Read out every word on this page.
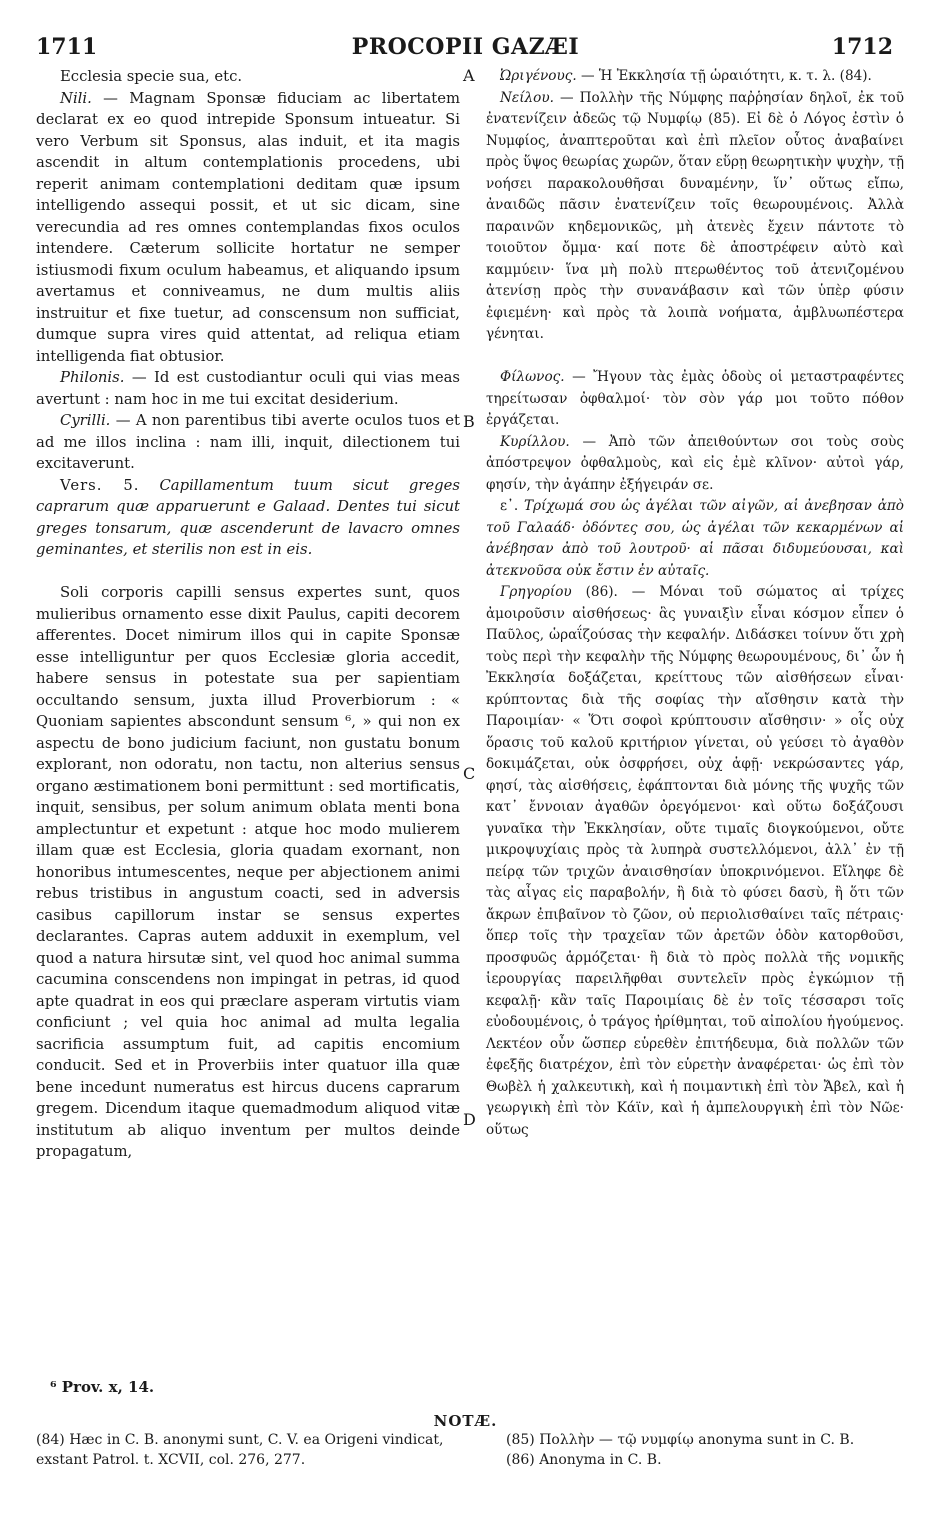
1711	PROCOPII GAZÆI	1712
A
B
C
D
Ecclesia specie sua, etc.
Nili. — Magnam Sponsæ fiduciam ac libertatem declarat ex eo quod intrepide Sponsum intueatur. Si vero Verbum sit Sponsus, alas induit, et ita magis ascendit in altum contemplationis procedens, ubi reperit animam contemplationi deditam quæ ipsum intelligendo assequi possit, et ut sic dicam, sine verecundia ad res omnes contemplandas fixos oculos intendere. Cæterum sollicite hortatur ne semper istiusmodi fixum oculum habeamus, et aliquando ipsum avertamus et conniveamus, ne dum multis aliis instruitur et fixe tuetur, ad conscensum non sufficiat, dumque supra vires quid attentat, ad reliqua etiam intelligenda fiat obtusior.
Philonis. — Id est custodiantur oculi qui vias meas avertunt : nam hoc in me tui excitat desiderium.
Cyrilli. — A non parentibus tibi averte oculos tuos et ad me illos inclina : nam illi, inquit, dilectionem tui excitaverunt.
Vers. 5. Capillamentum tuum sicut greges caprarum quæ apparuerunt e Galaad. Dentes tui sicut greges tonsarum, quæ ascenderunt de lavacro omnes geminantes, et sterilis non est in eis.
Soli corporis capilli sensus expertes sunt, quos mulieribus ornamento esse dixit Paulus, capiti decorem afferentes. Docet nimirum illos qui in capite Sponsæ esse intelliguntur per quos Ecclesiæ gloria accedit, habere sensus in potestate sua per sapientiam occultando sensum, juxta illud Proverbiorum : « Quoniam sapientes abscondunt sensum ⁶, » qui non ex aspectu de bono judicium faciunt, non gustatu bonum explorant, non odoratu, non tactu, non alterius sensus organo æstimationem boni permittunt : sed mortificatis, inquit, sensibus, per solum animum oblata menti bona amplectuntur et expetunt : atque hoc modo mulierem illam quæ est Ecclesia, gloria quadam exornant, non honoribus intumescentes, neque per abjectionem animi rebus tristibus in angustum coacti, sed in adversis casibus capillorum instar se sensus expertes declarantes. Capras autem adduxit in exemplum, vel quod a natura hirsutæ sint, vel quod hoc animal summa cacumina conscendens non impingat in petras, id quod apte quadrat in eos qui præclare asperam virtutis viam conficiunt ; vel quia hoc animal ad multa legalia sacrificia assumptum fuit, ad capitis encomium conducit. Sed et in Proverbiis inter quatuor illa quæ bene incedunt numeratus est hircus ducens caprarum gregem. Dicendum itaque quemadmodum aliquod vitæ institutum ab aliquo inventum per multos deinde propagatum,
Ὠριγένους. — Ἡ Ἐκκλησία τῇ ὡραιότητι, κ. τ. λ. (84).
Νείλου. — Πολλὴν τῆς Νύμφης παῤῥησίαν δηλοῖ, ἐκ τοῦ ἐνατενίζειν ἀδεῶς τῷ Νυμφίῳ (85). Εἰ δὲ ὁ Λόγος ἐστὶν ὁ Νυμφίος, ἀναπτεροῦται καὶ ἐπὶ πλεῖον οὗτος ἀναβαίνει πρὸς ὕψος θεωρίας χωρῶν, ὅταν εὕρῃ θεωρητικὴν ψυχὴν, τῇ νοήσει παρακολουθῆσαι δυναμένην, ἵν᾽ οὕτως εἴπω, ἀναιδῶς πᾶσιν ἐνατενίζειν τοῖς θεωρουμένοις. Ἀλλὰ παραινῶν κηδεμονικῶς, μὴ ἀτενὲς ἔχειν πάντοτε τὸ τοιοῦτον ὄμμα· καί ποτε δὲ ἀποστρέφειν αὐτὸ καὶ καμμύειν· ἵνα μὴ πολὺ πτερωθέντος τοῦ ἀτενιζομένου ἀτενίσῃ πρὸς τὴν συνανάβασιν καὶ τῶν ὑπὲρ φύσιν ἐφιεμένη· καὶ πρὸς τὰ λοιπὰ νοήματα, ἀμβλυωπέστερα γένηται.
Φίλωνος. — Ἤγουν τὰς ἐμὰς ὁδοὺς οἱ μεταστραφέντες τηρείτωσαν ὀφθαλμοί· τὸν σὸν γάρ μοι τοῦτο πόθον ἐργάζεται.
Κυρίλλου. — Ἀπὸ τῶν ἀπειθούντων σοι τοὺς σοὺς ἀπόστρεψον ὀφθαλμοὺς, καὶ εἰς ἐμὲ κλῖνον· αὐτοὶ γάρ, φησίν, τὴν ἀγάπην ἐξήγειράν σε.
ε᾽. Τρίχωμά σου ὡς ἀγέλαι τῶν αἰγῶν, αἱ ἀνεβησαν ἀπὸ τοῦ Γαλαάδ· ὀδόντες σου, ὡς ἀγέλαι τῶν κεκαρμένων αἱ ἀνέβησαν ἀπὸ τοῦ λουτροῦ· αἱ πᾶσαι διδυμεύουσαι, καὶ ἀτεκνοῦσα οὐκ ἔστιν ἐν αὐταῖς.
Γρηγορίου (86). — Μόναι τοῦ σώματος αἱ τρίχες ἀμοιροῦσιν αἰσθήσεως· ἃς γυναιξὶν εἶναι κόσμον εἶπεν ὁ Παῦλος, ὡραΐζούσας τὴν κεφαλήν. Διδάσκει τοίνυν ὅτι χρὴ τοὺς περὶ τὴν κεφαλὴν τῆς Νύμφης θεωρουμένους, δι᾽ ὧν ἡ Ἐκκλησία δοξάζεται, κρείττους τῶν αἰσθήσεων εἶναι· κρύπτοντας διὰ τῆς σοφίας τὴν αἴσθησιν κατὰ τὴν Παροιμίαν· « Ὅτι σοφοὶ κρύπτουσιν αἴσθησιν· » οἷς οὐχ ὅρασις τοῦ καλοῦ κριτήριον γίνεται, οὐ γεύσει τὸ ἀγαθὸν δοκιμάζεται, οὐκ ὀσφρήσει, οὐχ ἁφῇ· νεκρώσαντες γάρ, φησί, τὰς αἰσθήσεις, ἐφάπτονται διὰ μόνης τῆς ψυχῆς τῶν κατ᾽ ἔννοιαν ἀγαθῶν ὀρεγόμενοι· καὶ οὕτω δοξάζουσι γυναῖκα τὴν Ἐκκλησίαν, οὔτε τιμαῖς διογκούμενοι, οὔτε μικροψυχίαις πρὸς τὰ λυπηρὰ συστελλόμενοι, ἀλλ᾽ ἐν τῇ πείρᾳ τῶν τριχῶν ἀναισθησίαν ὑποκρινόμενοι. Εἴληφε δὲ τὰς αἶγας εἰς παραβολήν, ἢ διὰ τὸ φύσει δασὺ, ἢ ὅτι τῶν ἄκρων ἐπιβαῖνον τὸ ζῶον, οὐ περιολισθαίνει ταῖς πέτραις· ὅπερ τοῖς τὴν τραχεῖαν τῶν ἀρετῶν ὁδὸν κατορθοῦσι, προσφυῶς ἁρμόζεται· ἢ διὰ τὸ πρὸς πολλὰ τῆς νομικῆς ἱερουργίας παρειλῆφθαι συντελεῖν πρὸς ἐγκώμιον τῇ κεφαλῇ· κἂν ταῖς Παροιμίαις δὲ ἐν τοῖς τέσσαρσι τοῖς εὐοδουμένοις, ὁ τράγος ἠρίθμηται, τοῦ αἰπολίου ἡγούμενος. Λεκτέον οὖν ὥσπερ εὑρεθὲν ἐπιτήδευμα, διὰ πολλῶν τῶν ἐφεξῆς διατρέχον, ἐπὶ τὸν εὑρετὴν ἀναφέρεται· ὡς ἐπὶ τὸν Θωβὲλ ἡ χαλκευτικὴ, καὶ ἡ ποιμαντικὴ ἐπὶ τὸν Ἄβελ, καὶ ἡ γεωργικὴ ἐπὶ τὸν Κάϊν, καὶ ἡ ἀμπελουργικὴ ἐπὶ τὸν Νῶε· οὕτως
⁶ Prov. x, 14.
NOTÆ.
(84) Hæc in C. B. anonymi sunt, C. V. ea Origeni vindicat, exstant Patrol. t. XCVII, col. 276, 277.
(85) Πολλὴν — τῷ νυμφίῳ anonyma sunt in C. B.
(86) Anonyma in C. B.
